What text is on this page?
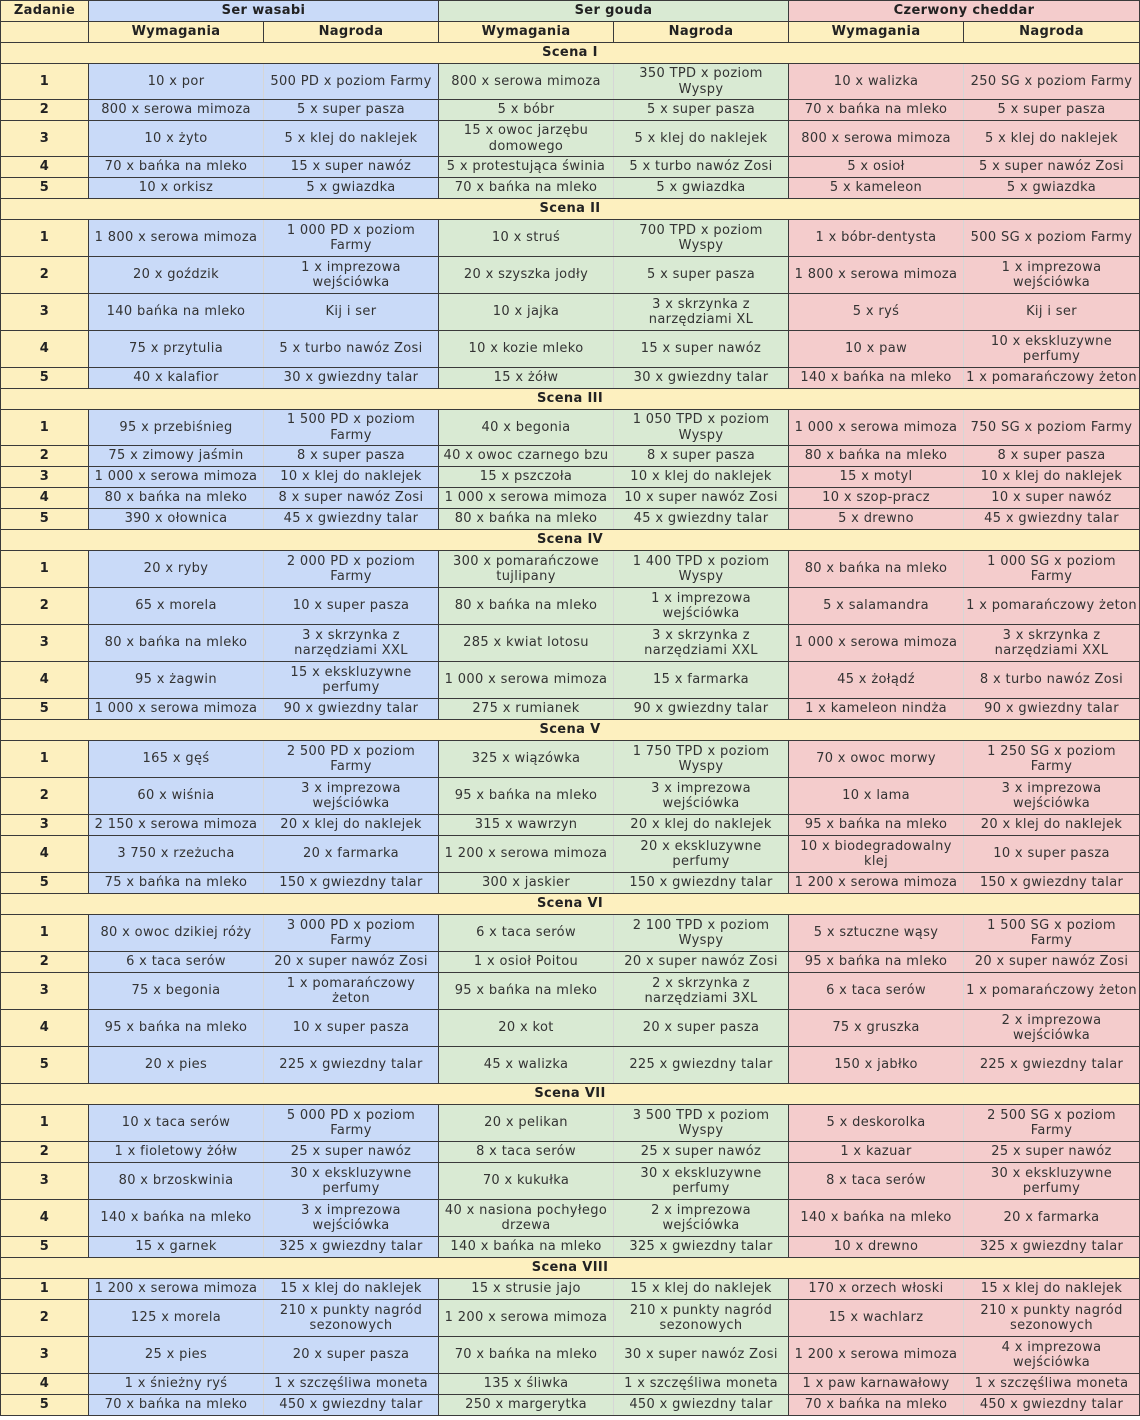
Zadanie	Ser wasabi		Ser gouda		Czerwony cheddar	
	Wymagania	Nagroda	Wymagania	Nagroda	Wymagania	Nagroda
Scena I						
1	10 x por	500 PD x poziom Farmy	800 x serowa mimoza	350 TPD x poziom Wyspy	10 x walizka	250 SG x poziom Farmy
2	800 x serowa mimoza	5 x super pasza	5 x bóbr	5 x super pasza	70 x bańka na mleko	5 x super pasza
3	10 x żyto	5 x klej do naklejek	15 x owoc jarzębu domowego	5 x klej do naklejek	800 x serowa mimoza	5 x klej do naklejek
4	70 x bańka na mleko	15 x super nawóz	5 x protestująca świnia	5 x turbo nawóz Zosi	5 x osioł	5 x super nawóz Zosi
5	10 x orkisz	5 x gwiazdka	70 x bańka na mleko	5 x gwiazdka	5 x kameleon	5 x gwiazdka
Scena II						
1	1 800 x serowa mimoza	1 000 PD x poziom Farmy	10 x struś	700 TPD x poziom Wyspy	1 x bóbr-dentysta	500 SG x poziom Farmy
2	20 x goździk	1 x imprezowa wejściówka	20 x szyszka jodły	5 x super pasza	1 800 x serowa mimoza	1 x imprezowa wejściówka
3	140 bańka na mleko	Kij i ser	10 x jajka	3 x skrzynka z narzędziami XL	5 x ryś	Kij i ser
4	75 x przytulia	5 x turbo nawóz Zosi	10 x kozie mleko	15 x super nawóz	10 x paw	10 x ekskluzywne perfumy
5	40 x kalafior	30 x gwiezdny talar	15 x żółw	30 x gwiezdny talar	140 x bańka na mleko	1 x pomarańczowy żeton
Scena III						
1	95 x przebiśnieg	1 500 PD x poziom Farmy	40 x begonia	1 050 TPD x poziom Wyspy	1 000 x serowa mimoza	750 SG x poziom Farmy
2	75 x zimowy jaśmin	8 x super pasza	40 x owoc czarnego bzu	8 x super pasza	80 x bańka na mleko	8 x super pasza
3	1 000 x serowa mimoza	10 x klej do naklejek	15 x pszczoła	10 x klej do naklejek	15 x motyl	10 x klej do naklejek
4	80 x bańka na mleko	8 x super nawóz Zosi	1 000 x serowa mimoza	10 x super nawóz Zosi	10 x szop-pracz	10 x super nawóz
5	390 x ołownica	45 x gwiezdny talar	80 x bańka na mleko	45 x gwiezdny talar	5 x drewno	45 x gwiezdny talar
Scena IV						
1	20 x ryby	2 000 PD x poziom Farmy	300 x pomarańczowe tujlipany	1 400 TPD x poziom Wyspy	80 x bańka na mleko	1 000 SG x poziom Farmy
2	65 x morela	10 x super pasza	80 x bańka na mleko	1 x imprezowa wejściówka	5 x salamandra	1 x pomarańczowy żeton
3	80 x bańka na mleko	3 x skrzynka z narzędziami XXL	285 x kwiat lotosu	3 x skrzynka z narzędziami XXL	1 000 x serowa mimoza	3 x skrzynka z narzędziami XXL
4	95 x żagwin	15 x ekskluzywne perfumy	1 000 x serowa mimoza	15 x farmarka	45 x żołądź	8 x turbo nawóz Zosi
5	1 000 x serowa mimoza	90 x gwiezdny talar	275 x rumianek	90 x gwiezdny talar	1 x kameleon nindża	90 x gwiezdny talar
Scena V						
1	165 x gęś	2 500 PD x poziom Farmy	325 x wiązówka	1 750 TPD x poziom Wyspy	70 x owoc morwy	1 250 SG x poziom Farmy
2	60 x wiśnia	3 x imprezowa wejściówka	95 x bańka na mleko	3 x imprezowa wejściówka	10 x lama	3 x imprezowa wejściówka
3	2 150 x serowa mimoza	20 x klej do naklejek	315 x wawrzyn	20 x klej do naklejek	95 x bańka na mleko	20 x klej do naklejek
4	3 750 x rzeżucha	20 x farmarka	1 200 x serowa mimoza	20 x ekskluzywne perfumy	10 x biodegradowalny klej	10 x super pasza
5	75 x bańka na mleko	150 x gwiezdny talar	300 x jaskier	150 x gwiezdny talar	1 200 x serowa mimoza	150 x gwiezdny talar
Scena VI						
1	80 x owoc dzikiej róży	3 000 PD x poziom Farmy	6 x taca serów	2 100 TPD x poziom Wyspy	5 x sztuczne wąsy	1 500 SG x poziom Farmy
2	6 x taca serów	20 x super nawóz Zosi	1 x osioł Poitou	20 x super nawóz Zosi	95 x bańka na mleko	20 x super nawóz Zosi
3	75 x begonia	1 x pomarańczowy żeton	95 x bańka na mleko	2 x skrzynka z narzędziami 3XL	6 x taca serów	1 x pomarańczowy żeton
4	95 x bańka na mleko	10 x super pasza	20 x kot	20 x super pasza	75 x gruszka	2 x imprezowa wejściówka
5	20 x pies	225 x gwiezdny talar	45 x walizka	225 x gwiezdny talar	150 x jabłko	225 x gwiezdny talar
Scena VII						
1	10 x taca serów	5 000 PD x poziom Farmy	20 x pelikan	3 500 TPD x poziom Wyspy	5 x deskorolka	2 500 SG x poziom Farmy
2	1 x fioletowy żółw	25 x super nawóz	8 x taca serów	25 x super nawóz	1 x kazuar	25 x super nawóz
3	80 x brzoskwinia	30 x ekskluzywne perfumy	70 x kukułka	30 x ekskluzywne perfumy	8 x taca serów	30 x ekskluzywne perfumy
4	140 x bańka na mleko	3 x imprezowa wejściówka	40 x nasiona pochyłego drzewa	2 x imprezowa wejściówka	140 x bańka na mleko	20 x farmarka
5	15 x garnek	325 x gwiezdny talar	140 x bańka na mleko	325 x gwiezdny talar	10 x drewno	325 x gwiezdny talar
Scena VIII						
1	1 200 x serowa mimoza	15 x klej do naklejek	15 x strusie jajo	15 x klej do naklejek	170 x orzech włoski	15 x klej do naklejek
2	125 x morela	210 x punkty nagród sezonowych	1 200 x serowa mimoza	210 x punkty nagród sezonowych	15 x wachlarz	210 x punkty nagród sezonowych
3	25 x pies	20 x super pasza	70 x bańka na mleko	30 x super nawóz Zosi	1 200 x serowa mimoza	4 x imprezowa wejściówka
4	1 x śnieżny ryś	1 x szczęśliwa moneta	135 x śliwka	1 x szczęśliwa moneta	1 x paw karnawałowy	1 x szczęśliwa moneta
5	70 x bańka na mleko	450 x gwiezdny talar	250 x margerytka	450 x gwiezdny talar	70 x bańka na mleko	450 x gwiezdny talar
